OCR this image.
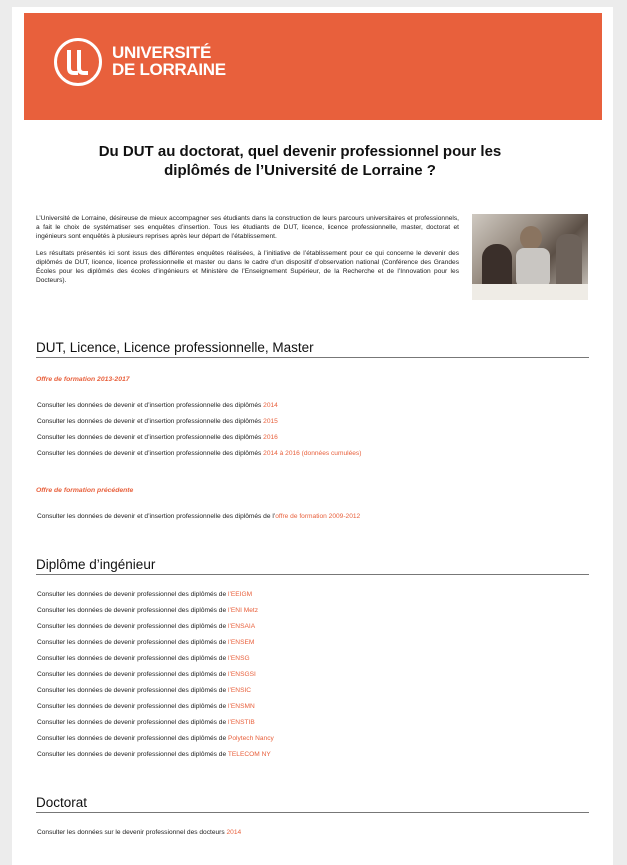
UNIVERSITÉ
DE LORRAINE
Du DUT au doctorat, quel devenir professionnel pour les
diplômés de l’Université de Lorraine ?

L’Université de Lorraine, désireuse de mieux accompagner ses étudiants dans la construction de leurs parcours universitaires et professionnels, a fait le choix de systématiser ses enquêtes d’insertion. Tous les étudiants de DUT, licence, licence professionnelle, master, doctorat et ingénieurs sont enquêtés à plusieurs reprises après leur départ de l’établissement.

Les résultats présentés ici sont issus des différentes enquêtes réalisées, à l’initiative de l’établissement pour ce qui concerne le devenir des diplômés de DUT, licence, licence professionnelle et master ou dans le cadre d’un dispositif d’observation national (Conférence des Grandes Écoles pour les diplômés des écoles d’ingénieurs et Ministère de l’Enseignement Supérieur, de la Recherche et de l’Innovation pour les Docteurs).

DUT, Licence, Licence professionnelle, Master
Offre de formation 2013-2017
Consulter les données de devenir et d’insertion professionnelle des diplômés 2014
Consulter les données de devenir et d’insertion professionnelle des diplômés 2015
Consulter les données de devenir et d’insertion professionnelle des diplômés 2016
Consulter les données de devenir et d’insertion professionnelle des diplômés 2014 à 2016 (données cumulées)
Offre de formation précédente
Consulter les données de devenir et d’insertion professionnelle des diplômés de l’offre de formation 2009-2012
Diplôme d’ingénieur
Consulter les données de devenir professionnel des diplômés de l’EEIGM
Consulter les données de devenir professionnel des diplômés de l’ENI Metz
Consulter les données de devenir professionnel des diplômés de l’ENSAIA
Consulter les données de devenir professionnel des diplômés de l’ENSEM
Consulter les données de devenir professionnel des diplômés de l’ENSG
Consulter les données de devenir professionnel des diplômés de l’ENSGSI
Consulter les données de devenir professionnel des diplômés de l’ENSIC
Consulter les données de devenir professionnel des diplômés de l’ENSMN
Consulter les données de devenir professionnel des diplômés de l’ENSTIB
Consulter les données de devenir professionnel des diplômés de Polytech Nancy
Consulter les données de devenir professionnel des diplômés de TELECOM NY
Doctorat
Consulter les données sur le devenir professionnel des docteurs 2014
